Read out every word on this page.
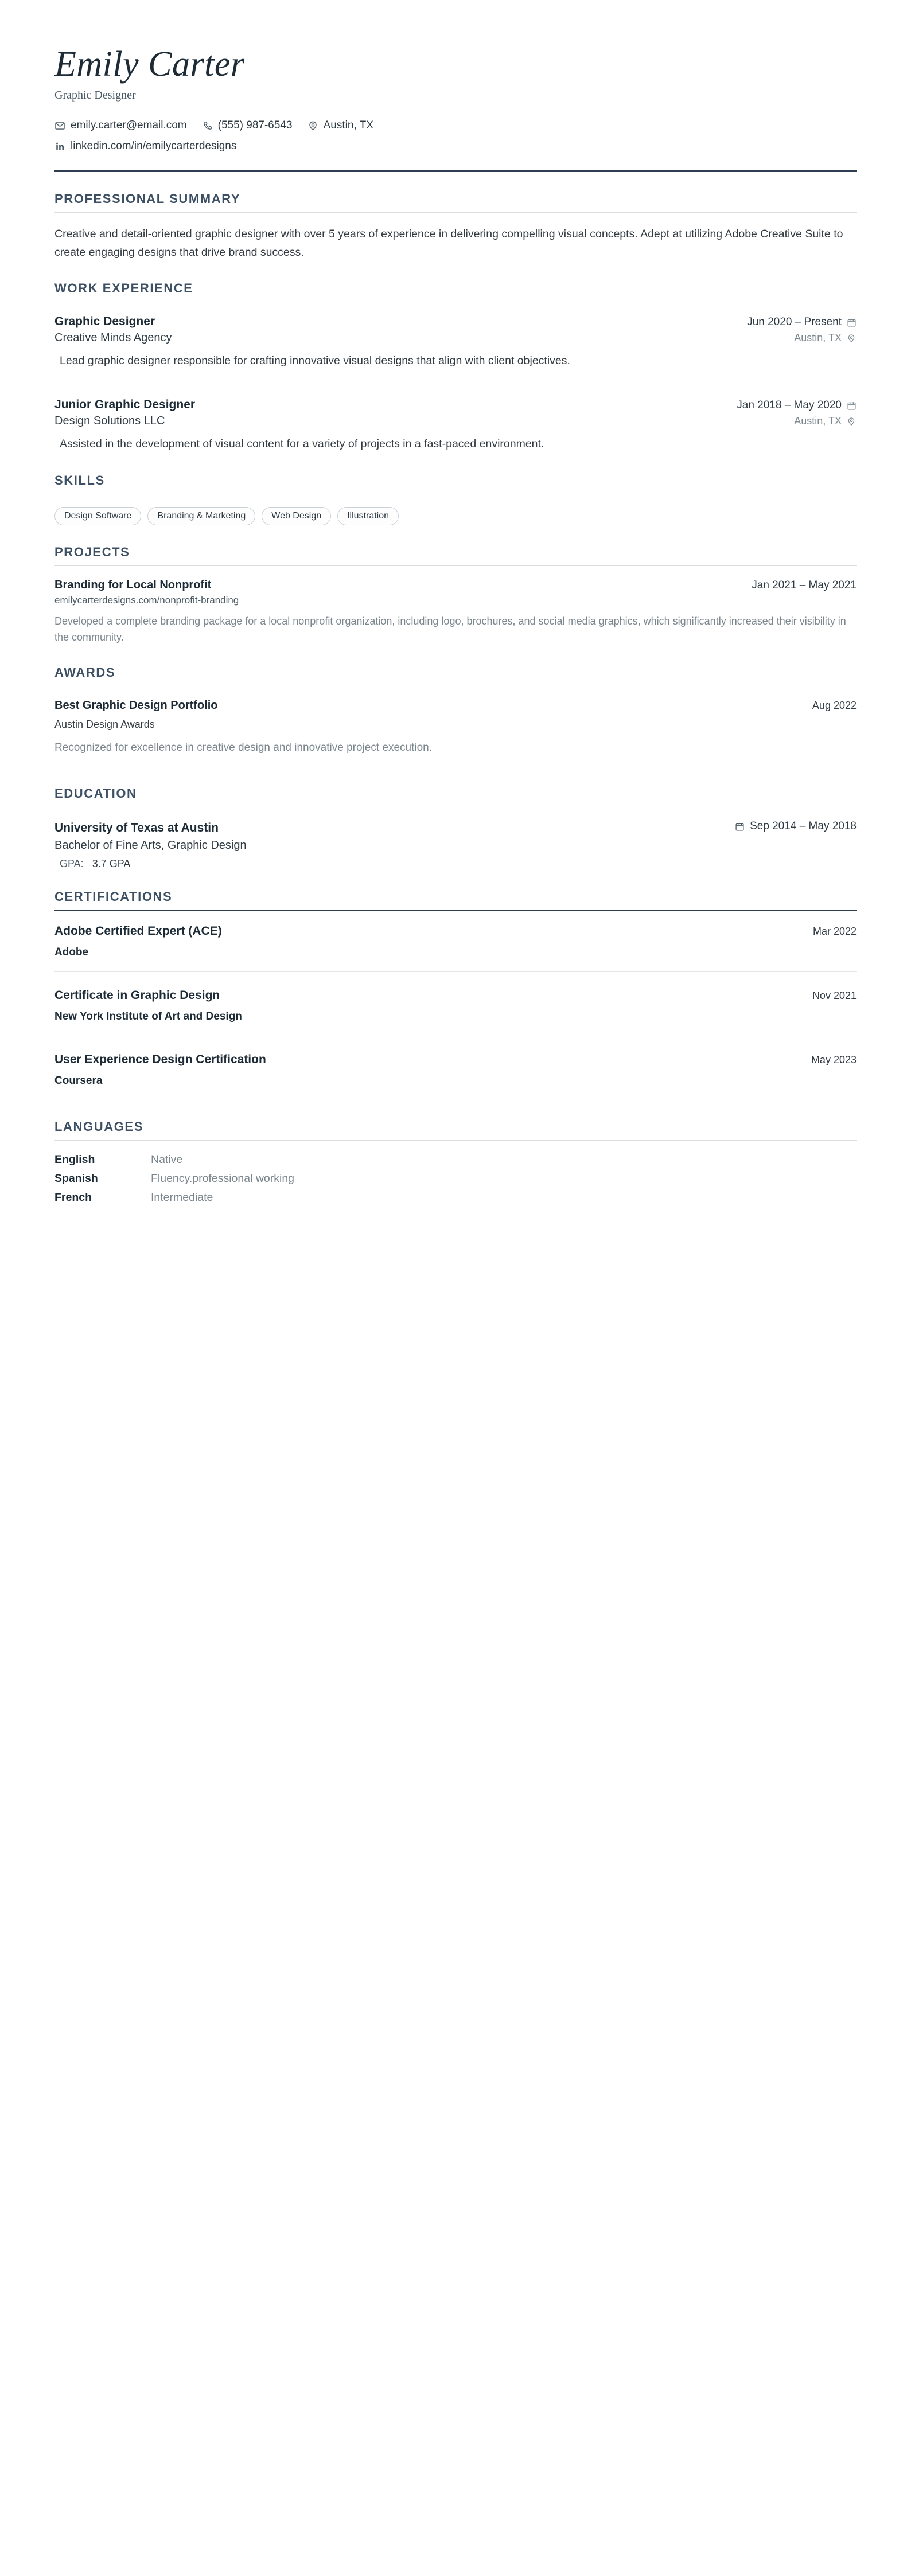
Emily Carter
Graphic Designer
emily.carter@email.com	(555) 987-6543	Austin, TX
linkedin.com/in/emilycarterdesigns
PROFESSIONAL SUMMARY

Creative and detail-oriented graphic designer with over 5 years of experience in delivering compelling visual concepts. Adept at utilizing Adobe Creative Suite to create engaging designs that drive brand success.

WORK EXPERIENCE
Graphic Designer	Jun 2020 – Present
Creative Minds Agency	Austin, TX
Lead graphic designer responsible for crafting innovative visual designs that align with client objectives.
Junior Graphic Designer	Jan 2018 – May 2020
Design Solutions LLC	Austin, TX
Assisted in the development of visual content for a variety of projects in a fast-paced environment.
SKILLS
Design Software	Branding & Marketing	Web Design	Illustration
PROJECTS
Branding for Local Nonprofit	Jan 2021 – May 2021
emilycarterdesigns.com/nonprofit-branding
Developed a complete branding package for a local nonprofit organization, including logo, brochures, and social media graphics, which significantly increased their visibility in the community.
AWARDS
Best Graphic Design Portfolio	Aug 2022
Austin Design Awards
Recognized for excellence in creative design and innovative project execution.
EDUCATION
University of Texas at Austin	Sep 2014 – May 2018
Bachelor of Fine Arts, Graphic Design
GPA: 3.7 GPA
CERTIFICATIONS
Adobe Certified Expert (ACE)	Mar 2022
Adobe
Certificate in Graphic Design	Nov 2021
New York Institute of Art and Design
User Experience Design Certification	May 2023
Coursera
LANGUAGES
English	Native
Spanish	Fluency.professional working
French	Intermediate
